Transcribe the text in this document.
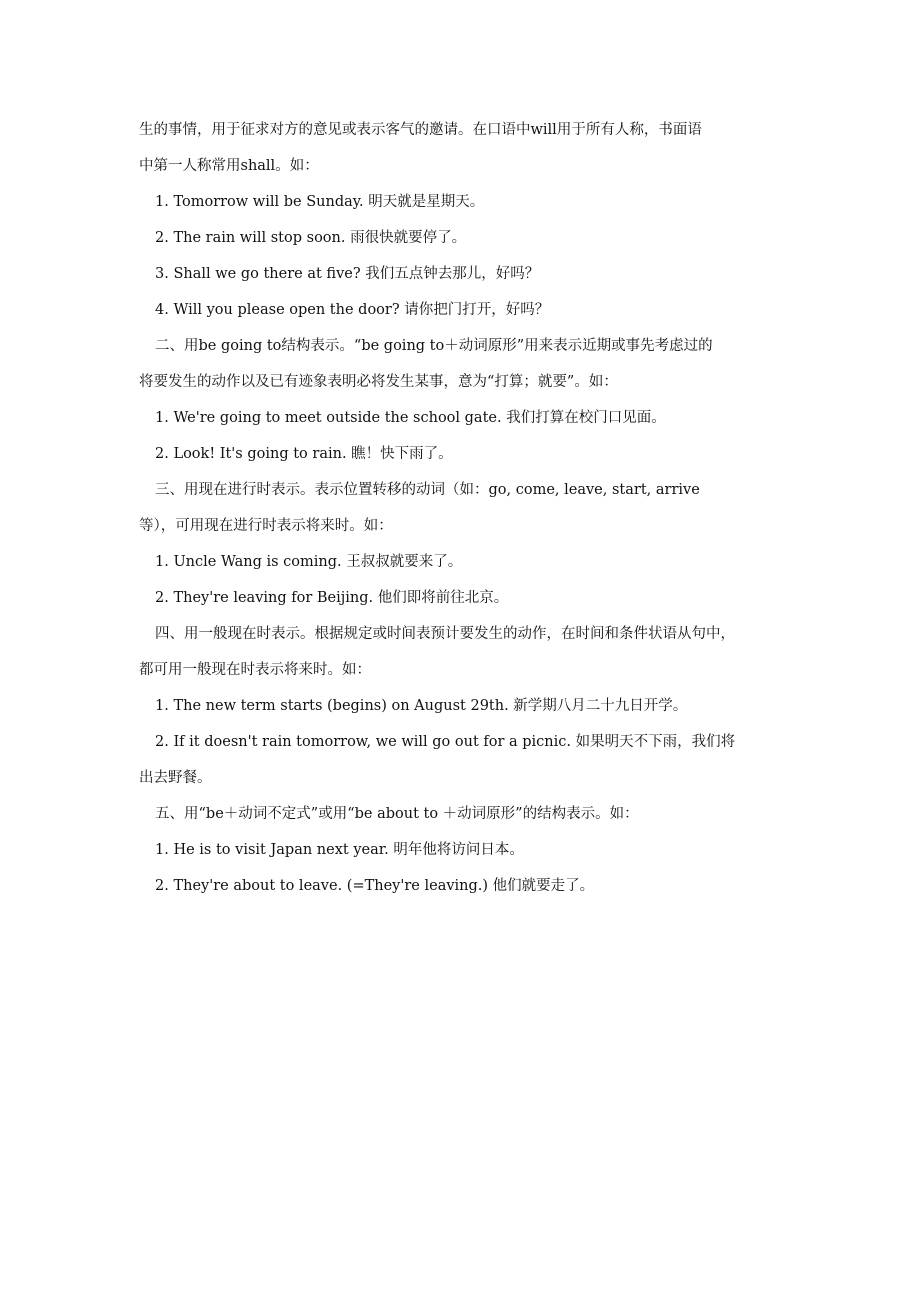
生的事情，用于征求对方的意见或表示客气的邀请。在口语中will用于所有人称，书面语

中第一人称常用shall。如：

1. Tomorrow will be Sunday. 明天就是星期天。

2. The rain will stop soon. 雨很快就要停了。

3. Shall we go there at five? 我们五点钟去那儿，好吗？

4. Will you please open the door? 请你把门打开，好吗？

二、用be going to结构表示。“be going to＋动词原形”用来表示近期或事先考虑过的

将要发生的动作以及已有迹象表明必将发生某事，意为“打算；就要”。如：

1. We're going to meet outside the school gate. 我们打算在校门口见面。

2. Look! It's going to rain. 瞧！快下雨了。

三、用现在进行时表示。表示位置转移的动词（如：go, come, leave, start, arrive

等），可用现在进行时表示将来时。如：

1. Uncle Wang is coming. 王叔叔就要来了。

2. They're leaving for Beijing. 他们即将前往北京。

四、用一般现在时表示。根据规定或时间表预计要发生的动作，在时间和条件状语从句中，

都可用一般现在时表示将来时。如：

1. The new term starts (begins) on August 29th. 新学期八月二十九日开学。

2. If it doesn't rain tomorrow, we will go out for a picnic. 如果明天不下雨，我们将

出去野餐。

五、用“be＋动词不定式”或用“be about to ＋动词原形”的结构表示。如：

1. He is to visit Japan next year. 明年他将访问日本。

2. They're about to leave. (=They're leaving.) 他们就要走了。
